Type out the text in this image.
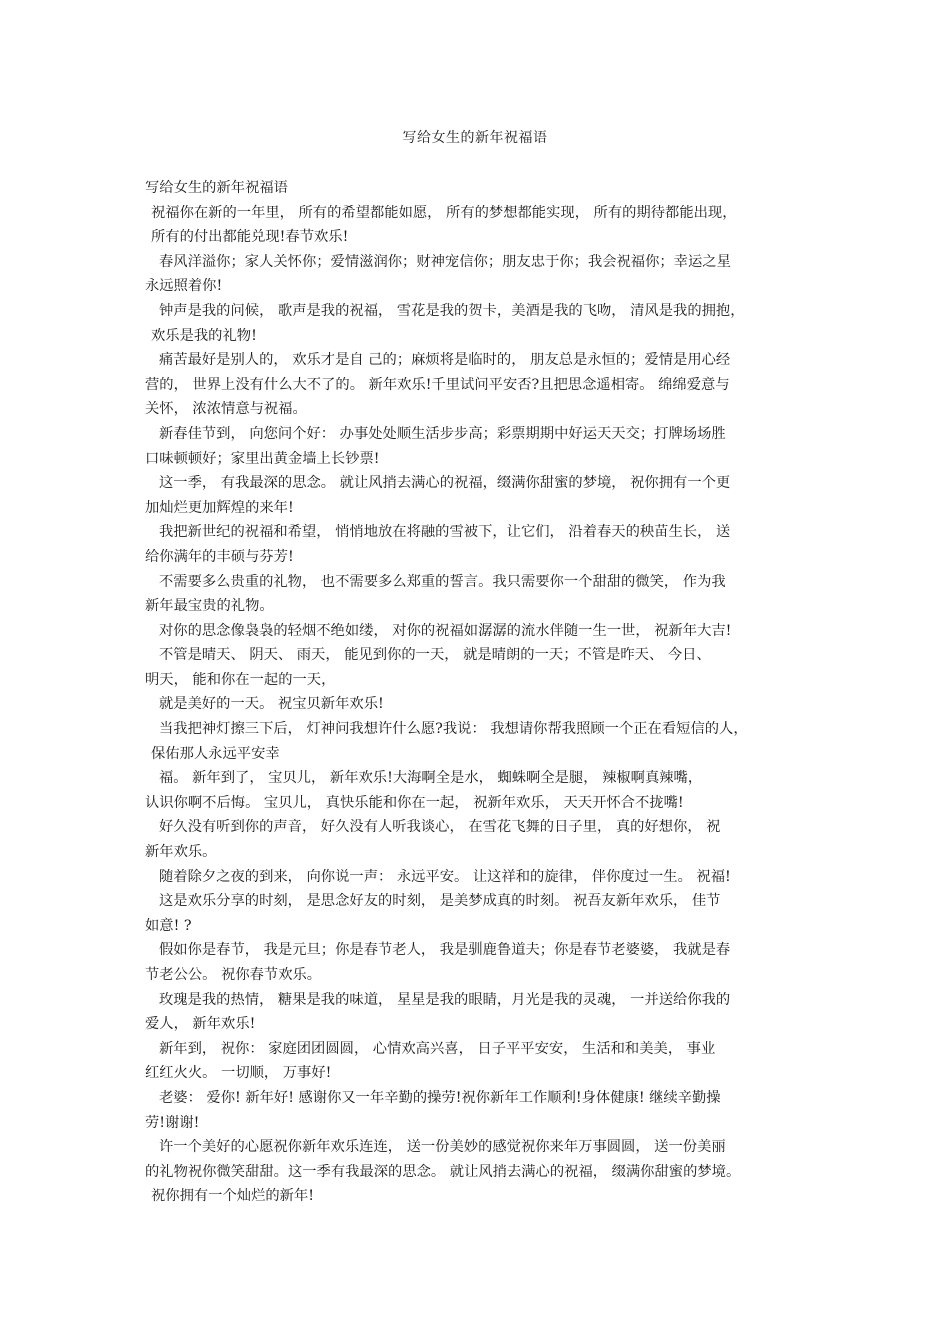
写给女生的新年祝福语

写给女生的新年祝福语

祝福你在新的一年里， 所有的希望都能如愿， 所有的梦想都能实现， 所有的期待都能出现，

所有的付出都能兑现!春节欢乐!

春风洋溢你；家人关怀你；爱情滋润你；财神宠信你；朋友忠于你；我会祝福你；幸运之星

永远照着你!

钟声是我的问候， 歌声是我的祝福， 雪花是我的贺卡，美酒是我的飞吻， 清风是我的拥抱，

欢乐是我的礼物!

痛苦最好是别人的， 欢乐才是自 己的；麻烦将是临时的， 朋友总是永恒的；爱情是用心经

营的， 世界上没有什么大不了的。 新年欢乐!千里试问平安否?且把思念遥相寄。 绵绵爱意与

关怀， 浓浓情意与祝福。

新春佳节到， 向您问个好： 办事处处顺生活步步高；彩票期期中好运天天交；打牌场场胜

口味顿顿好；家里出黄金墙上长钞票!

这一季， 有我最深的思念。 就让风捎去满心的祝福，缀满你甜蜜的梦境， 祝你拥有一个更

加灿烂更加辉煌的来年!

我把新世纪的祝福和希望， 悄悄地放在将融的雪被下，让它们， 沿着春天的秧苗生长， 送

给你满年的丰硕与芬芳!

不需要多么贵重的礼物， 也不需要多么郑重的誓言。我只需要你一个甜甜的微笑， 作为我

新年最宝贵的礼物。

对你的思念像袅袅的轻烟不绝如缕， 对你的祝福如潺潺的流水伴随一生一世， 祝新年大吉!

不管是晴天、 阴天、 雨天， 能见到你的一天， 就是晴朗的一天；不管是昨天、 今日、

明天， 能和你在一起的一天，

就是美好的一天。 祝宝贝新年欢乐!

当我把神灯擦三下后， 灯神问我想许什么愿?我说： 我想请你帮我照顾一个正在看短信的人，

保佑那人永远平安幸

福。 新年到了， 宝贝儿， 新年欢乐!大海啊全是水， 蜘蛛啊全是腿， 辣椒啊真辣嘴，

认识你啊不后悔。 宝贝儿， 真快乐能和你在一起， 祝新年欢乐， 天天开怀合不拢嘴!

好久没有听到你的声音， 好久没有人听我谈心， 在雪花飞舞的日子里， 真的好想你， 祝

新年欢乐。

随着除夕之夜的到来， 向你说一声： 永远平安。 让这祥和的旋律， 伴你度过一生。 祝福!

这是欢乐分享的时刻， 是思念好友的时刻， 是美梦成真的时刻。 祝吾友新年欢乐， 佳节

如意! ?

假如你是春节， 我是元旦；你是春节老人， 我是驯鹿鲁道夫；你是春节老婆婆， 我就是春

节老公公。 祝你春节欢乐。

玫瑰是我的热情， 糖果是我的味道， 星星是我的眼睛，月光是我的灵魂， 一并送给你我的

爱人， 新年欢乐!

新年到， 祝你： 家庭团团圆圆， 心情欢高兴喜， 日子平平安安， 生活和和美美， 事业

红红火火。 一切顺， 万事好!

老婆： 爱你! 新年好! 感谢你又一年辛勤的操劳!祝你新年工作顺利!身体健康! 继续辛勤操

劳!谢谢!

许一个美好的心愿祝你新年欢乐连连， 送一份美妙的感觉祝你来年万事圆圆， 送一份美丽

的礼物祝你微笑甜甜。这一季有我最深的思念。 就让风捎去满心的祝福， 缀满你甜蜜的梦境。

祝你拥有一个灿烂的新年!
